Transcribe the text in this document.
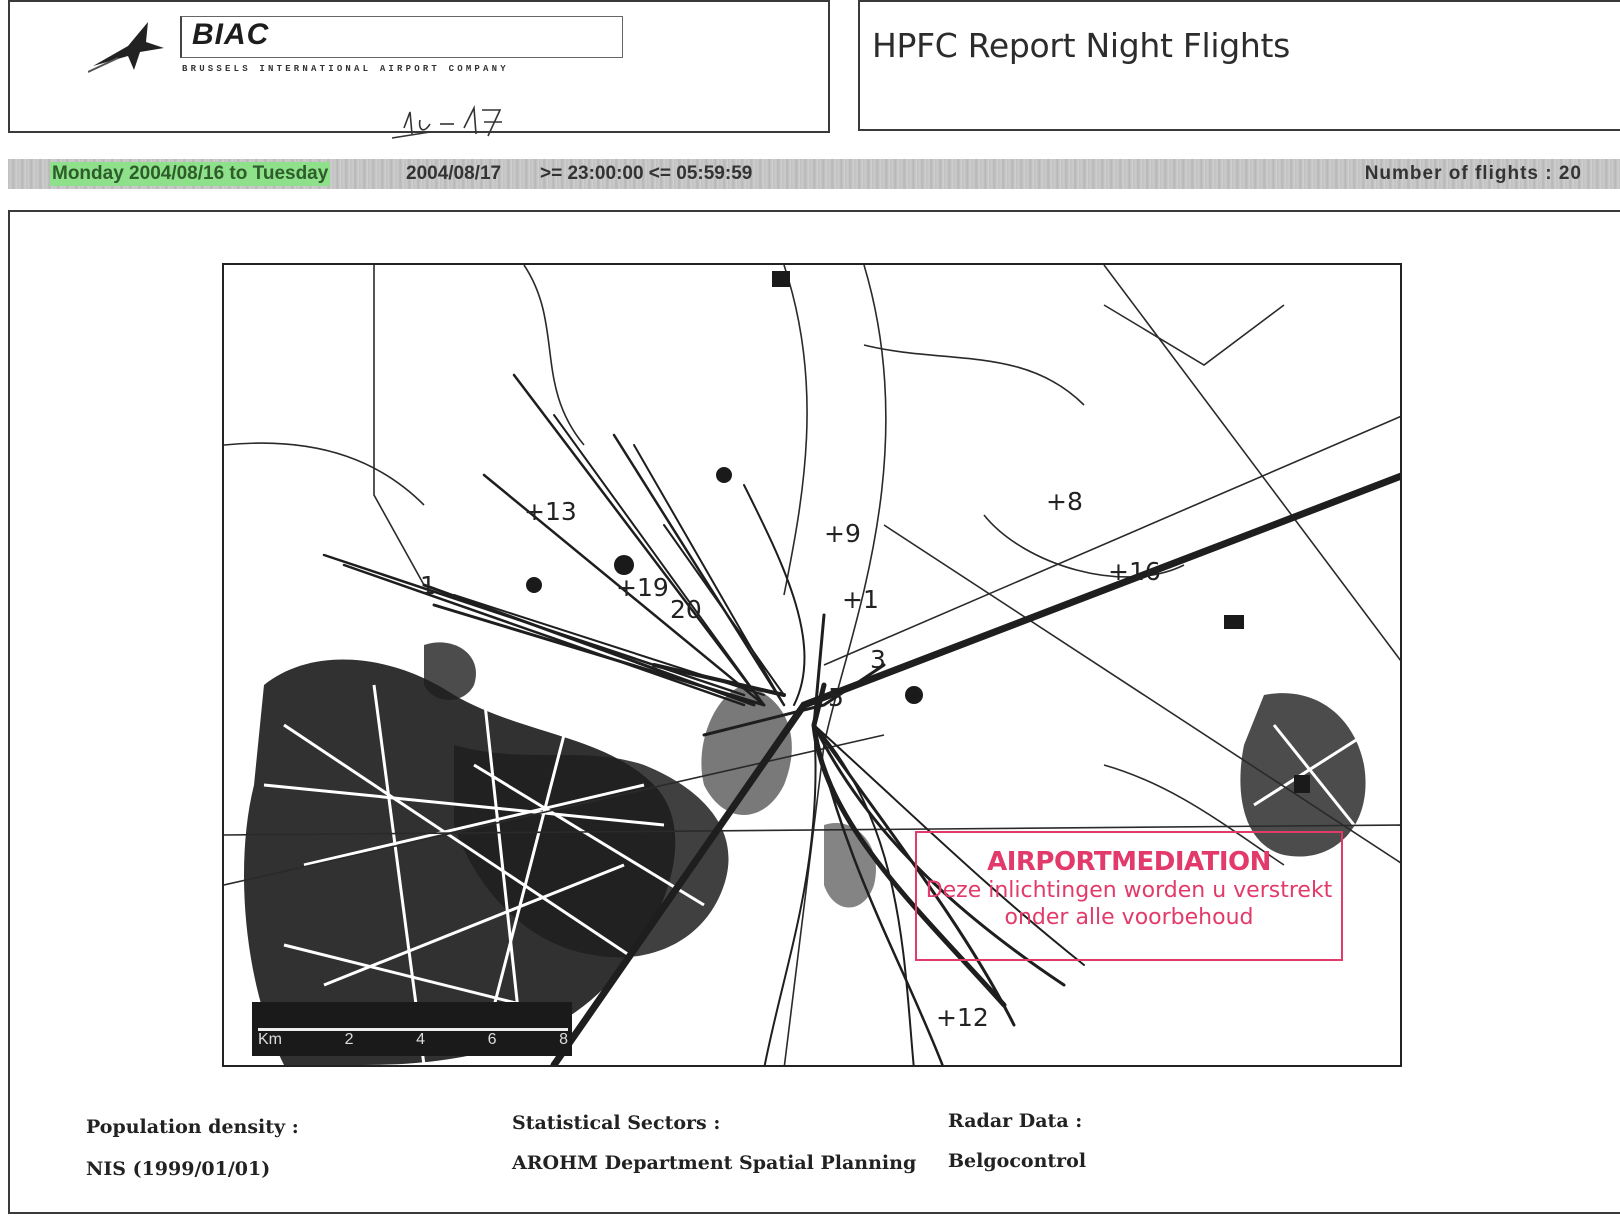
BIAC
BRUSSELS INTERNATIONAL AIRPORT COMPANY
HPFC Report Night Flights
Monday 2004/08/16 to Tuesday	2004/08/17 >= 23:00:00 <= 05:59:59	Number of flights : 20
+13
+9
+8
+16
1	+19
20	+1
3
5
+12
Km	2	4	6	8
AIRPORTMEDIATION
Deze inlichtingen worden u verstrekt
onder alle voorbehoud
Population density :
NIS (1999/01/01)
Statistical Sectors :
AROHM Department Spatial Planning
Radar Data :
Belgocontrol
